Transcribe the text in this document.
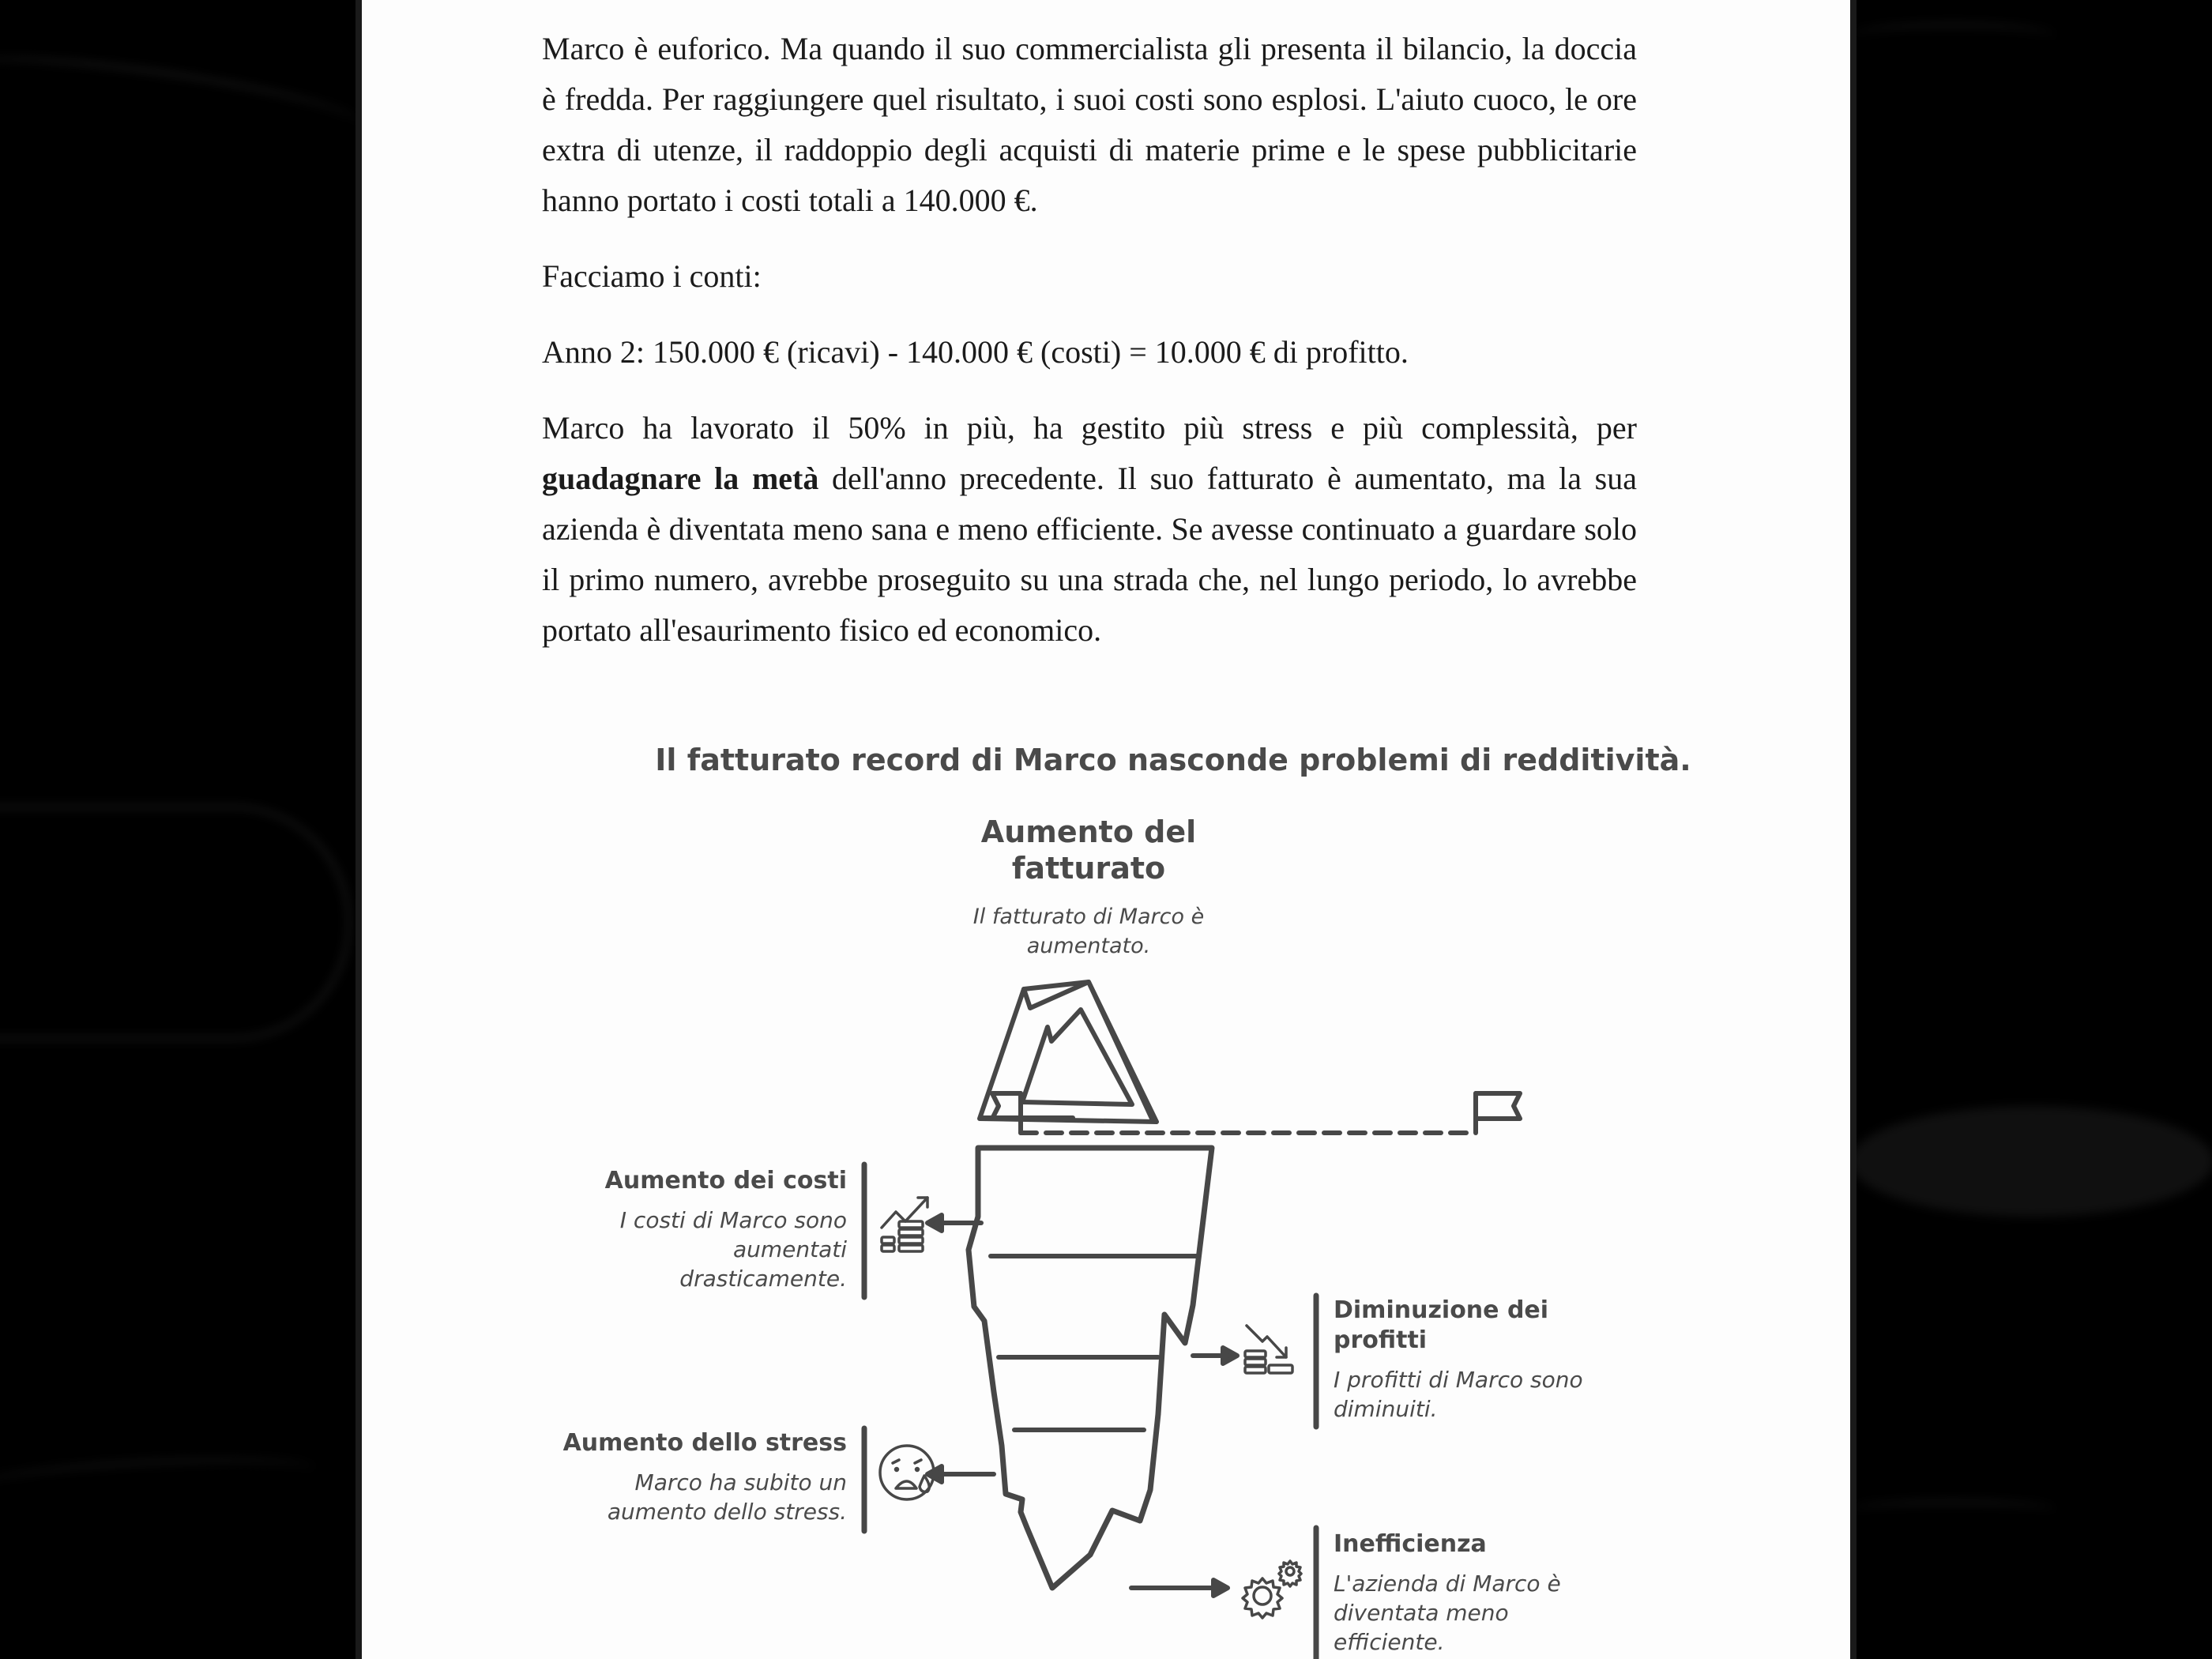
Marco è euforico. Ma quando il suo commercialista gli presenta il bilancio, la doccia è fredda. Per raggiungere quel risultato, i suoi costi sono esplosi. L'aiuto cuoco, le ore extra di utenze, il raddoppio degli acquisti di materie prime e le spese pubblicitarie hanno portato i costi totali a 140.000 €.

Facciamo i conti:

Anno 2: 150.000 € (ricavi) - 140.000 € (costi) = 10.000 € di profitto.

Marco ha lavorato il 50% in più, ha gestito più stress e più complessità, per guadagnare la metà dell'anno precedente. Il suo fatturato è aumentato, ma la sua azienda è diventata meno sana e meno efficiente. Se avesse continuato a guardare solo il primo numero, avrebbe proseguito su una strada che, nel lungo periodo, lo avrebbe portato all'esaurimento fisico ed economico.

Il fatturato record di Marco nasconde problemi di redditività.
Aumento del fatturato
Il fatturato di Marco è aumentato.
Aumento dei costi
I costi di Marco sono aumentati drasticamente.
Diminuzione dei profitti
I profitti di Marco sono diminuiti.
Aumento dello stress
Marco ha subito un aumento dello stress.
Inefficienza
L'azienda di Marco è diventata meno efficiente.
